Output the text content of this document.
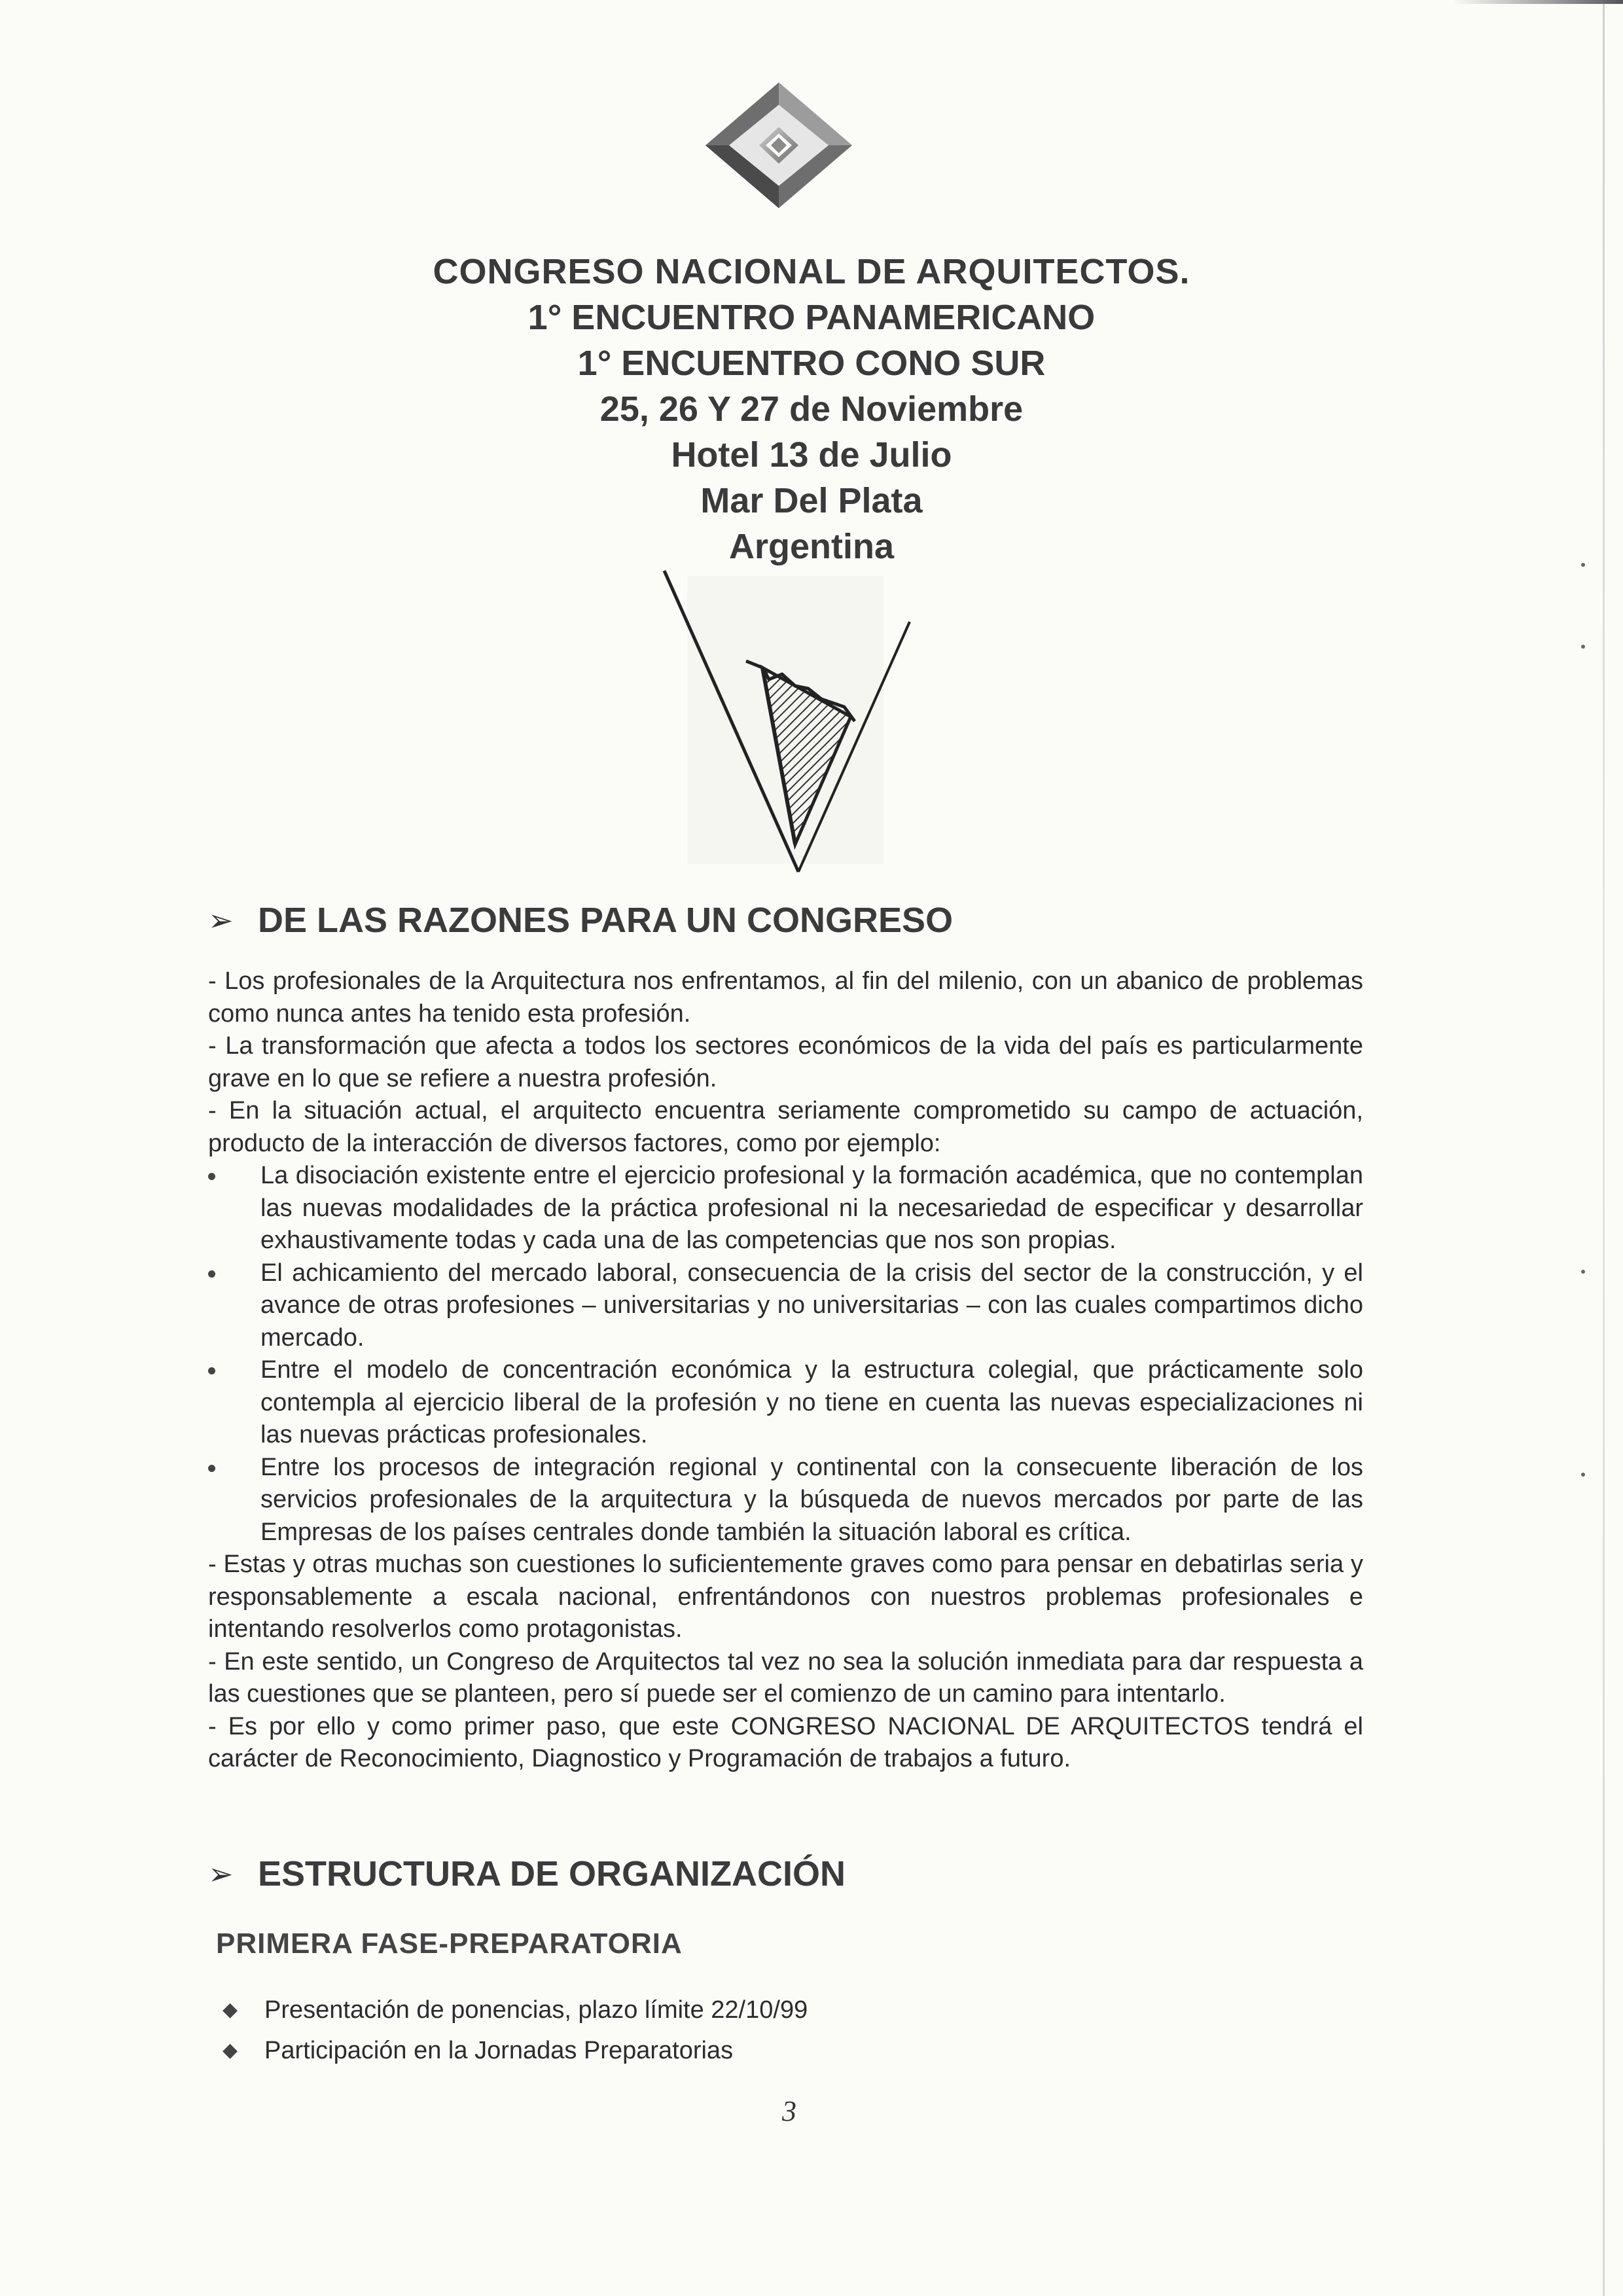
CONGRESO NACIONAL DE ARQUITECTOS.
1° ENCUENTRO PANAMERICANO
1° ENCUENTRO CONO SUR
25, 26 Y 27 de Noviembre
Hotel 13 de Julio
Mar Del Plata
Argentina
➢ DE LAS RAZONES PARA UN CONGRESO

- Los profesionales de la Arquitectura nos enfrentamos, al fin del milenio, con un abanico de problemas como nunca antes ha tenido esta profesión.

- La transformación que afecta a todos los sectores económicos de la vida del país es particularmente grave en lo que se refiere a nuestra profesión.

- En la situación actual, el arquitecto encuentra seriamente comprometido su campo de actuación, producto de la interacción de diversos factores, como por ejemplo:

La disociación existente entre el ejercicio profesional y la formación académica, que no contemplan las nuevas modalidades de la práctica profesional ni la necesariedad de especificar y desarrollar exhaustivamente todas y cada una de las competencias que nos son propias.
El achicamiento del mercado laboral, consecuencia de la crisis del sector de la construcción, y el avance de otras profesiones – universitarias y no universitarias – con las cuales compartimos dicho mercado.
Entre el modelo de concentración económica y la estructura colegial, que prácticamente solo contempla al ejercicio liberal de la profesión y no tiene en cuenta las nuevas especializaciones ni las nuevas prácticas profesionales.
Entre los procesos de integración regional y continental con la consecuente liberación de los servicios profesionales de la arquitectura y la búsqueda de nuevos mercados por parte de las Empresas de los países centrales donde también la situación laboral es crítica.

- Estas y otras muchas son cuestiones lo suficientemente graves como para pensar en debatirlas seria y responsablemente a escala nacional, enfrentándonos con nuestros problemas profesionales e intentando resolverlos como protagonistas.

- En este sentido, un Congreso de Arquitectos tal vez no sea la solución inmediata para dar respuesta a las cuestiones que se planteen, pero sí puede ser el comienzo de un camino para intentarlo.

- Es por ello y como primer paso, que este CONGRESO NACIONAL DE ARQUITECTOS tendrá el carácter de Reconocimiento, Diagnostico y Programación de trabajos a futuro.

➢ ESTRUCTURA DE ORGANIZACIÓN
PRIMERA FASE-PREPARATORIA
◆ Presentación de ponencias, plazo límite 22/10/99
◆ Participación en la Jornadas Preparatorias
3
